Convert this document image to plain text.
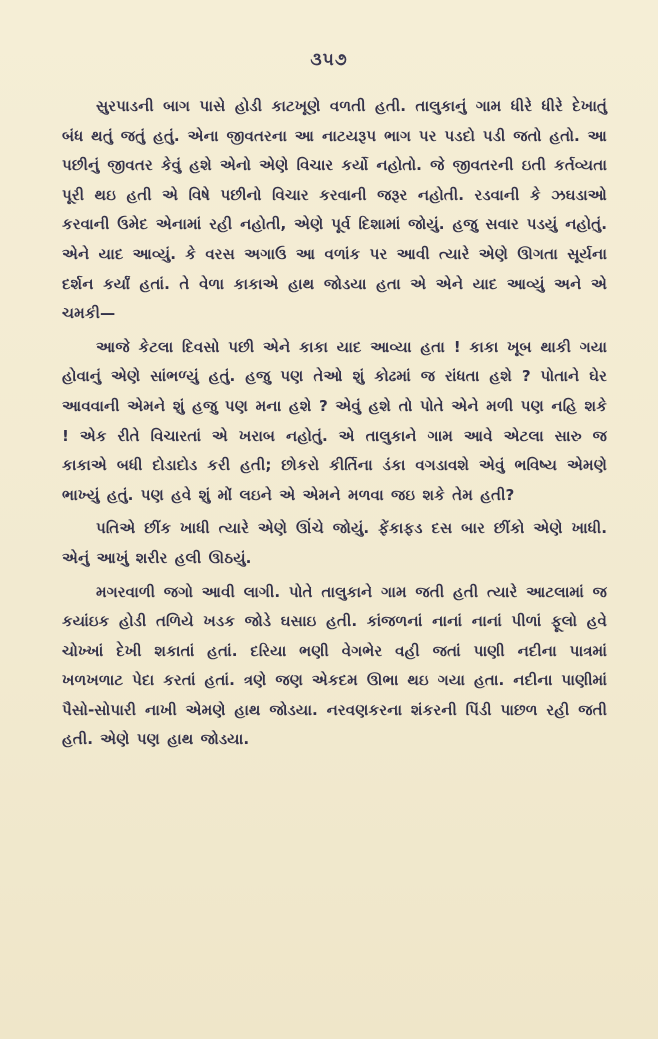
૩૫૭

સુરપાડની બાગ પાસે હોડી કાટખૂણે વળતી હતી. તાલુકાનું ગામ ધીરે ધીરે દેખાતું બંધ થતું જતું હતું. એના જીવતરના આ નાટયરૂપ ભાગ પર પડદો પડી જતો હતો. આ પછીનું જીવતર કેવું હશે એનો એણે વિચાર કર્યો નહોતો. જે જીવતરની ઇતી કર્તવ્યતા પૂરી થઇ હતી એ વિષે પછીનો વિચાર કરવાની જરૂર નહોતી. રડવાની કે ઝઘડાઓ કરવાની ઉમેદ એનામાં રહી નહોતી, એણે પૂર્વ દિશામાં જોયું. હજુ સવાર પડયું નહોતું. એને યાદ આવ્યું. કે વરસ અગાઉ આ વળાંક પર આવી ત્યારે એણે ઊગતા સૂર્યના દર્શન કર્યાં હતાં. તે વેળા કાકાએ હાથ જોડયા હતા એ એને યાદ આવ્યું અને એ ચમકી—

આજે કેટલા દિવસો પછી એને કાકા યાદ આવ્યા હતા ! કાકા ખૂબ થાકી ગયા હોવાનું એણે સાંભળ્યું હતું. હજુ પણ તેઓ શું કોઢમાં જ રાંધતા હશે ? પોતાને ઘેર આવવાની એમને શું હજુ પણ મના હશે ? એવું હશે તો પોતે એને મળી પણ નહિ શકે ! એક રીતે વિચારતાં એ ખરાબ નહોતું. એ તાલુકાને ગામ આવે એટલા સારુ જ કાકાએ બધી દોડાદોડ કરી હતી; છોકરો કીર્તિના ડંકા વગડાવશે એવું ભવિષ્ય એમણે ભાખ્યું હતું. પણ હવે શું મોં લઇને એ એમને મળવા જઇ શકે તેમ હતી?

પતિએ છીંક ખાધી ત્યારે એણે ઊંચે જોયું. ફેંકાફડ દસ બાર છીંકો એણે ખાધી. એનું આખું શરીર હલી ઊઠયું.

મગરવાળી જગો આવી લાગી. પોતે તાલુકાને ગામ જતી હતી ત્યારે આટલામાં જ કયાંઇક હોડી તળિયે ખડક જોડે ઘસાઇ હતી. કાંજળનાં નાનાં નાનાં પીળાં ફૂલો હવે ચોખ્ખાં દેખી શકાતાં હતાં. દરિયા ભણી વેગભેર વહી જતાં પાણી નદીના પાત્રમાં ખળખળાટ પેદા કરતાં હતાં. ત્રણે જણ એકદમ ઊભા થઇ ગયા હતા. નદીના પાણીમાં પૈસો-સોપારી નાખી એમણે હાથ જોડયા. નરવણકરના શંકરની પિંડી પાછળ રહી જતી હતી. એણે પણ હાથ જોડયા.
